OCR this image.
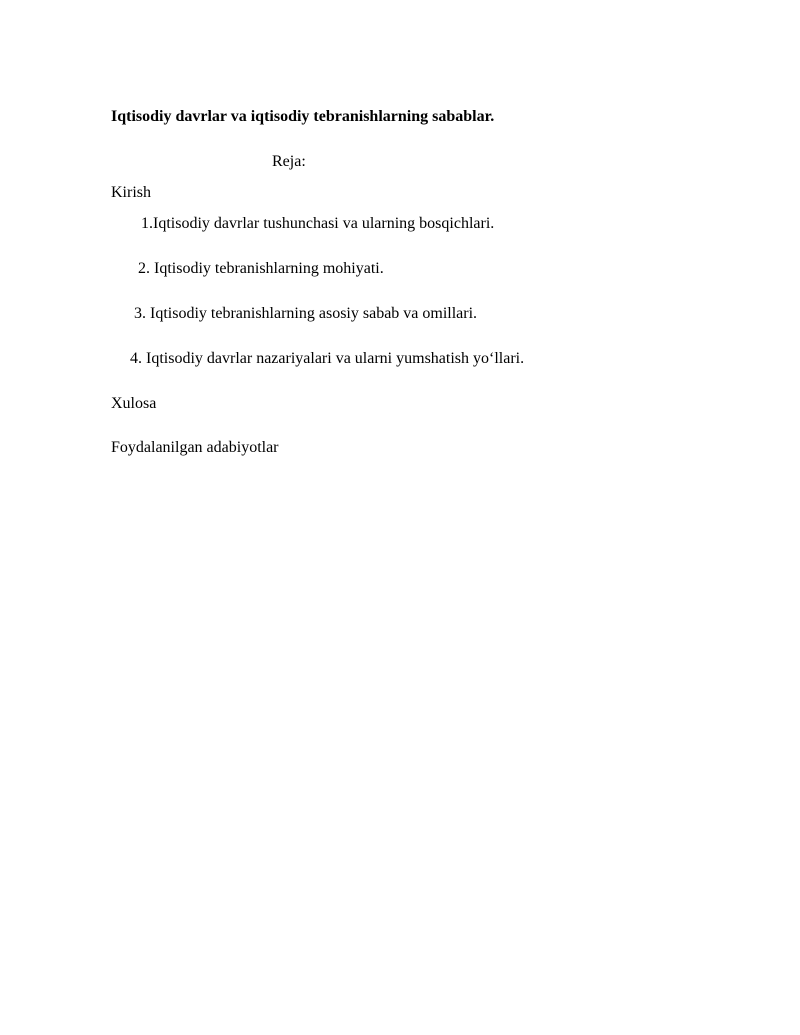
Iqtisodiy davrlar va iqtisodiy tebranishlarning sabablar.
Reja:
Kirish
1.Iqtisodiy davrlar tushunchasi va ularning bosqichlari.
2. Iqtisodiy tebranishlarning mohiyati.
3. Iqtisodiy tebranishlarning asosiy sabab va omillari.
4. Iqtisodiy davrlar nazariyalari va ularni yumshatish yo‘llari.
Xulosa
Foydalanilgan adabiyotlar
